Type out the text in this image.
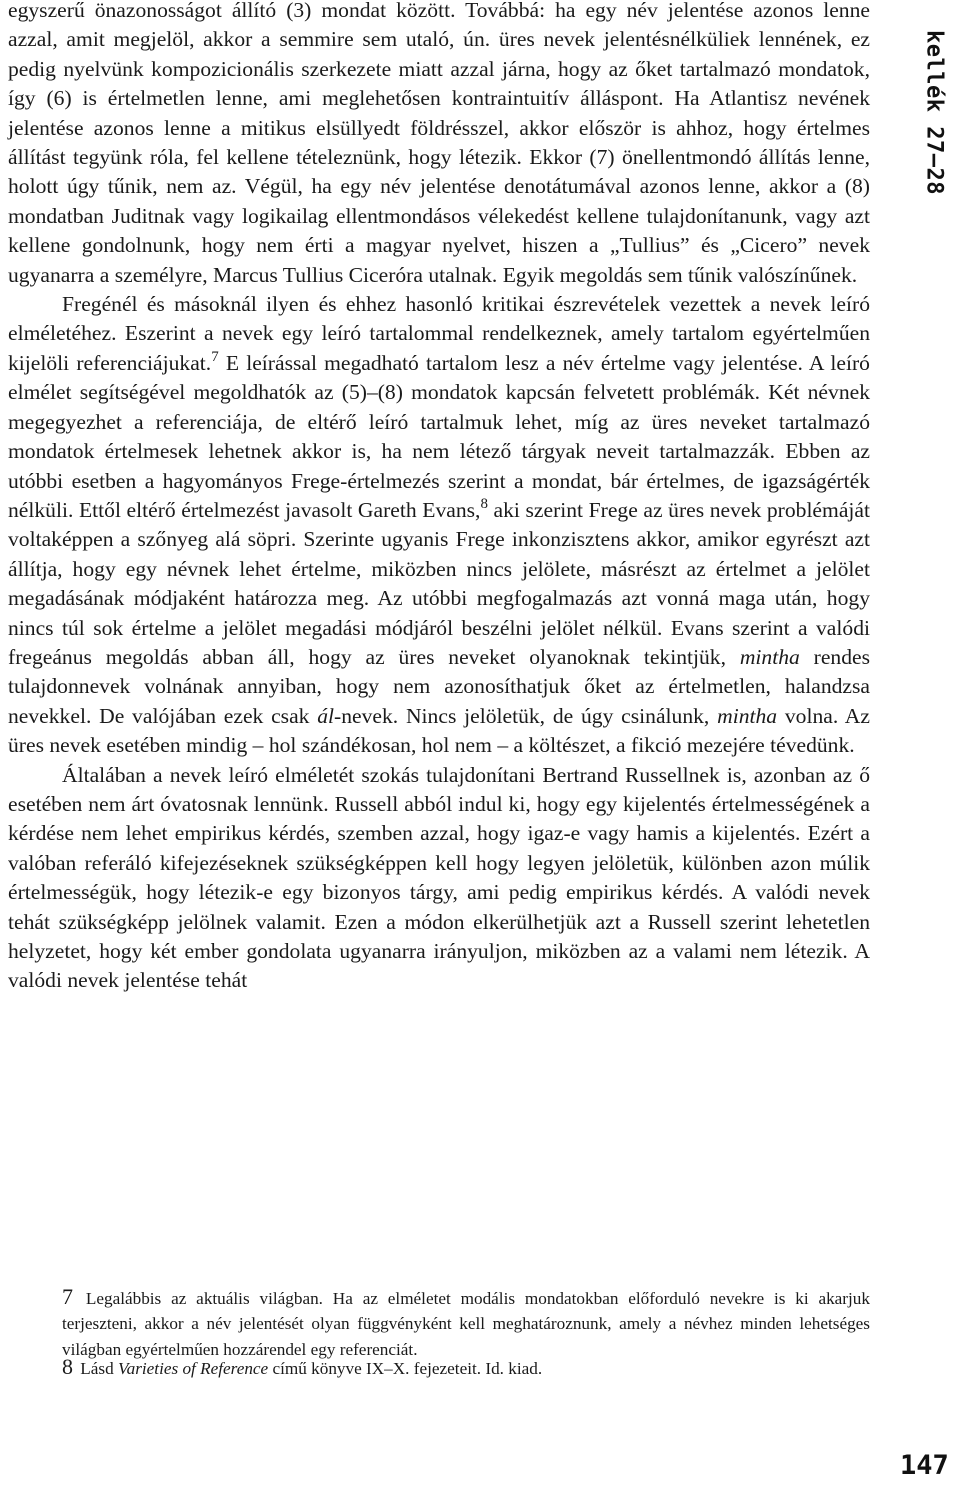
egyszerű önazonosságot állító (3) mondat között. Továbbá: ha egy név jelentése azonos lenne azzal, amit megjelöl, akkor a semmire sem utaló, ún. üres nevek jelentésnélküliek lennének, ez pedig nyelvünk kompozicionális szerkezete miatt azzal járna, hogy az őket tartalmazó mondatok, így (6) is értelmetlen lenne, ami meglehetősen kontraintuitív álláspont. Ha Atlantisz nevének jelentése azonos lenne a mitikus elsüllyedt földrésszel, akkor először is ahhoz, hogy értelmes állítást tegyünk róla, fel kellene tételeznünk, hogy létezik. Ekkor (7) önellentmondó állítás lenne, holott úgy tűnik, nem az. Végül, ha egy név jelentése denotátumával azonos lenne, akkor a (8) mondatban Juditnak vagy logikailag ellentmondásos vélekedést kellene tulajdonítanunk, vagy azt kellene gondolnunk, hogy nem érti a magyar nyelvet, hiszen a „Tullius” és „Cicero” nevek ugyanarra a személyre, Marcus Tullius Ciceróra utalnak. Egyik megoldás sem tűnik valószínűnek.

Fregénél és másoknál ilyen és ehhez hasonló kritikai észrevételek vezettek a nevek leíró elméletéhez. Eszerint a nevek egy leíró tartalommal rendelkeznek, amely tartalom egyértelműen kijelöli referenciájukat.$^7$ E leírással megadható tartalom lesz a név értelme vagy jelentése. A leíró elmélet segítségével megoldhatók az (5)–(8) mondatok kapcsán felvetett problémák. Két névnek megegyezhet a referenciája, de eltérő leíró tartalmuk lehet, míg az üres neveket tartalmazó mondatok értelmesek lehetnek akkor is, ha nem létező tárgyak neveit tartalmazzák. Ebben az utóbbi esetben a hagyományos Frege-értelmezés szerint a mondat, bár értelmes, de igazságérték nélküli. Ettől eltérő értelmezést javasolt Gareth Evans,$^8$ aki szerint Frege az üres nevek problémáját voltaképpen a szőnyeg alá söpri. Szerinte ugyanis Frege inkonzisztens akkor, amikor egyrészt azt állítja, hogy egy névnek lehet értelme, miközben nincs jelölete, másrészt az értelmet a jelölet megadásának módjaként határozza meg. Az utóbbi megfogalmazás azt vonná maga után, hogy nincs túl sok értelme a jelölet megadási módjáról beszélni jelölet nélkül. Evans szerint a valódi fregeánus megoldás abban áll, hogy az üres neveket olyanoknak tekintjük, mintha rendes tulajdonnevek volnának annyiban, hogy nem azonosíthatjuk őket az értelmetlen, halandzsa nevekkel. De valójában ezek csak ál-nevek. Nincs jelöletük, de úgy csinálunk, mintha volna. Az üres nevek esetében mindig – hol szándékosan, hol nem – a költészet, a fikció mezejére tévedünk.

Általában a nevek leíró elméletét szokás tulajdonítani Bertrand Russellnek is, azonban az ő esetében nem árt óvatosnak lennünk. Russell abból indul ki, hogy egy kijelentés értelmességének a kérdése nem lehet empirikus kérdés, szemben azzal, hogy igaz-e vagy hamis a kijelentés. Ezért a valóban referáló kifejezéseknek szükségképpen kell hogy legyen jelöletük, különben azon múlik értelmességük, hogy létezik-e egy bizonyos tárgy, ami pedig empirikus kérdés. A valódi nevek tehát szükségképp jelölnek valamit. Ezen a módon elkerülhetjük azt a Russell szerint lehetetlen helyzetet, hogy két ember gondolata ugyanarra irányuljon, miközben az a valami nem létezik. A valódi nevek jelentése tehát

kellék 27–28

7 Legalábbis az aktuális világban. Ha az elméletet modális mondatokban előforduló nevekre is ki akarjuk terjeszteni, akkor a név jelentését olyan függvényként kell meghatároznunk, amely a névhez minden lehetséges világban egyértelműen hozzárendel egy referenciát.

8 Lásd Varieties of Reference című könyve IX–X. fejezeteit. Id. kiad.

147
